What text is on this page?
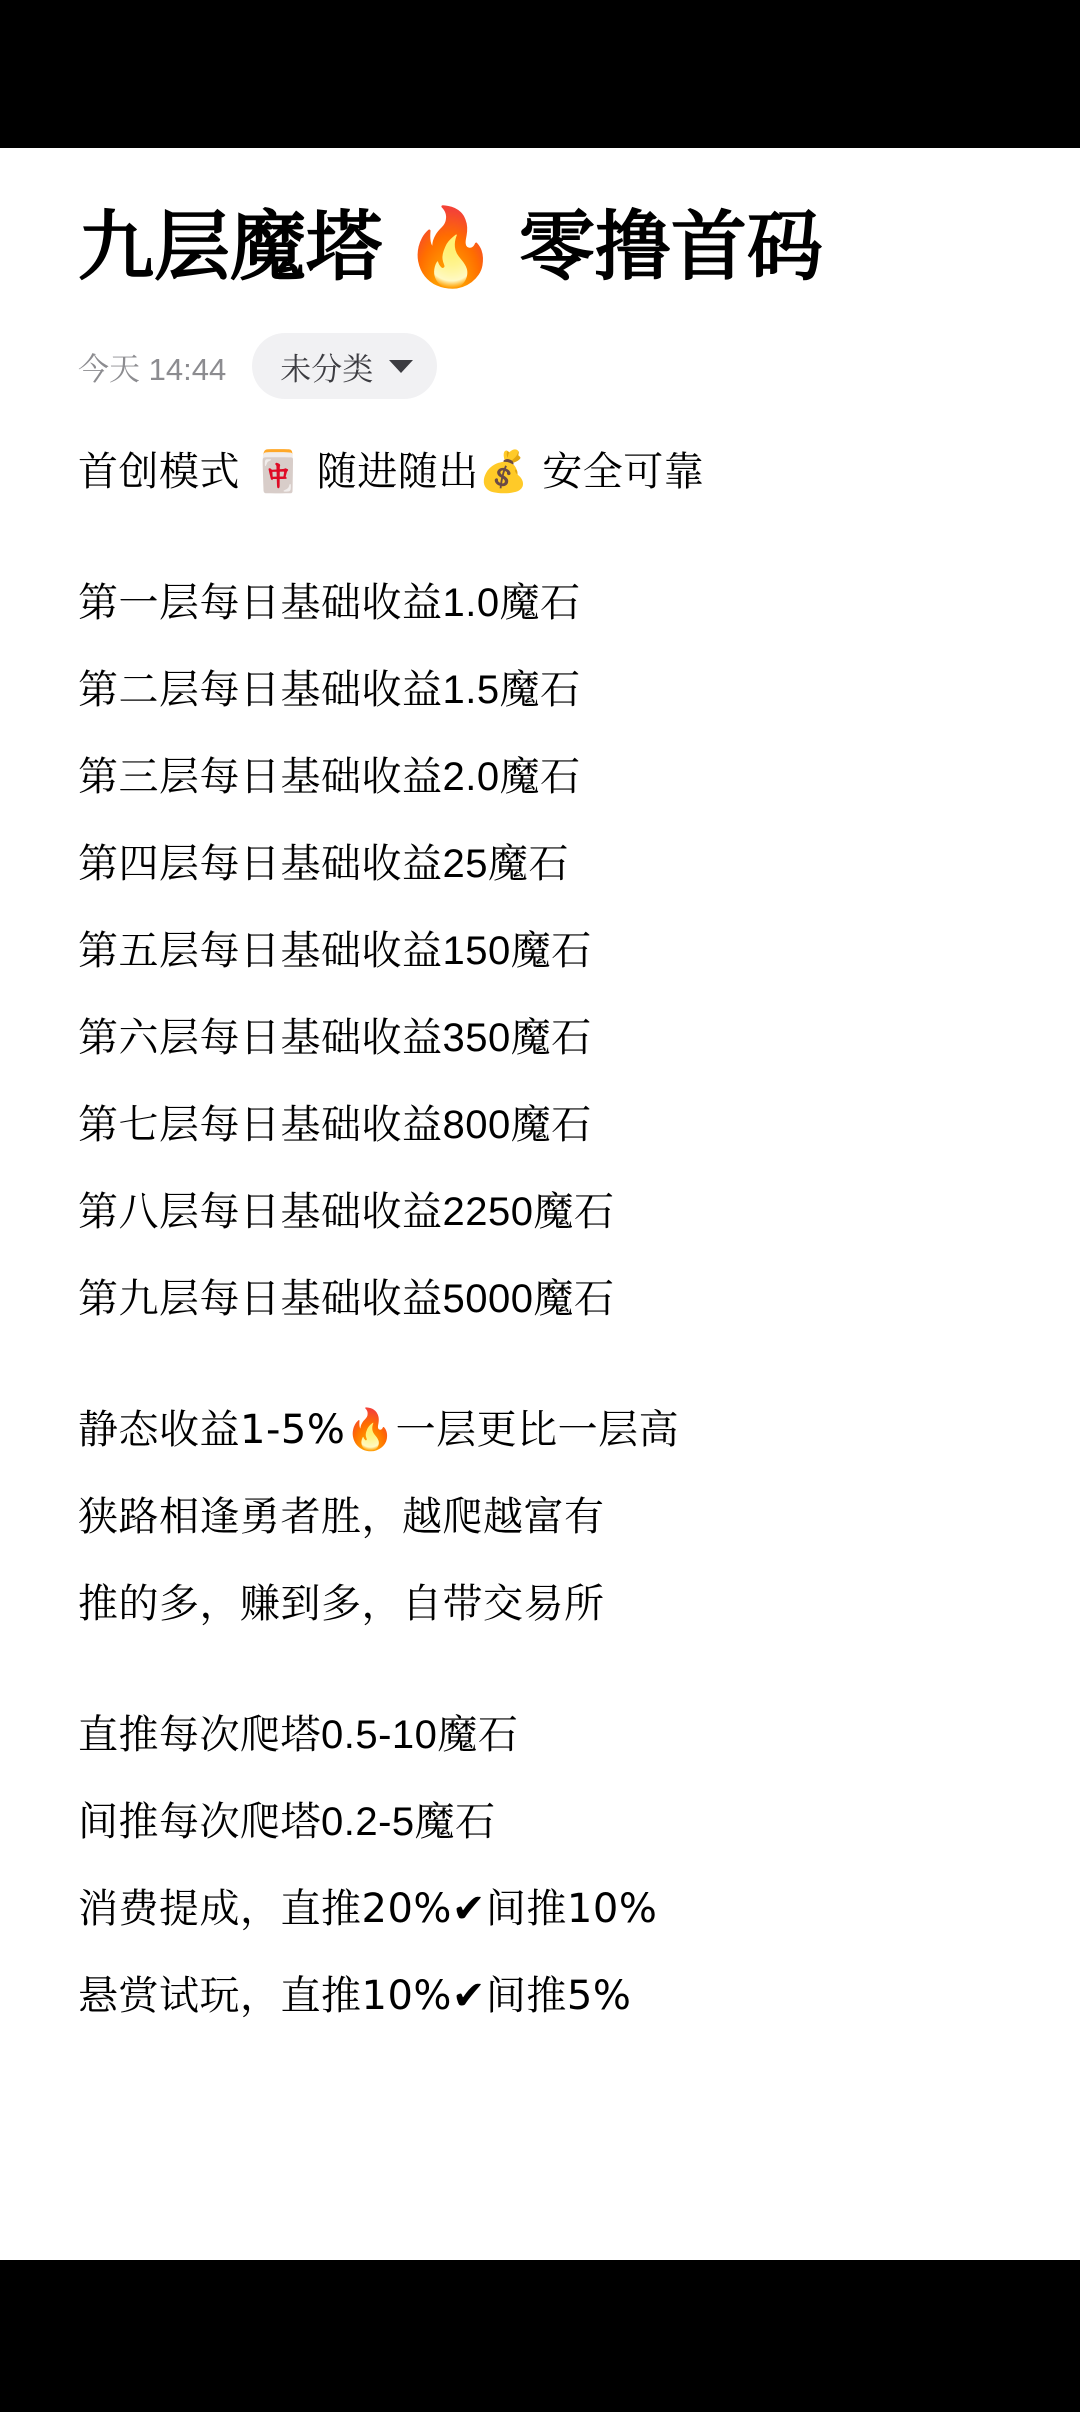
九层魔塔 🔥 零撸首码
今天 14:44 未分类
首创模式 🀄 随进随出💰 安全可靠
第一层每日基础收益1.0魔石
第二层每日基础收益1.5魔石
第三层每日基础收益2.0魔石
第四层每日基础收益25魔石
第五层每日基础收益150魔石
第六层每日基础收益350魔石
第七层每日基础收益800魔石
第八层每日基础收益2250魔石
第九层每日基础收益5000魔石
静态收益1-5%🔥一层更比一层高
狭路相逢勇者胜，越爬越富有
推的多，赚到多，自带交易所
直推每次爬塔0.5-10魔石
间推每次爬塔0.2-5魔石
消费提成，直推20%✔间推10%
悬赏试玩，直推10%✔间推5%
